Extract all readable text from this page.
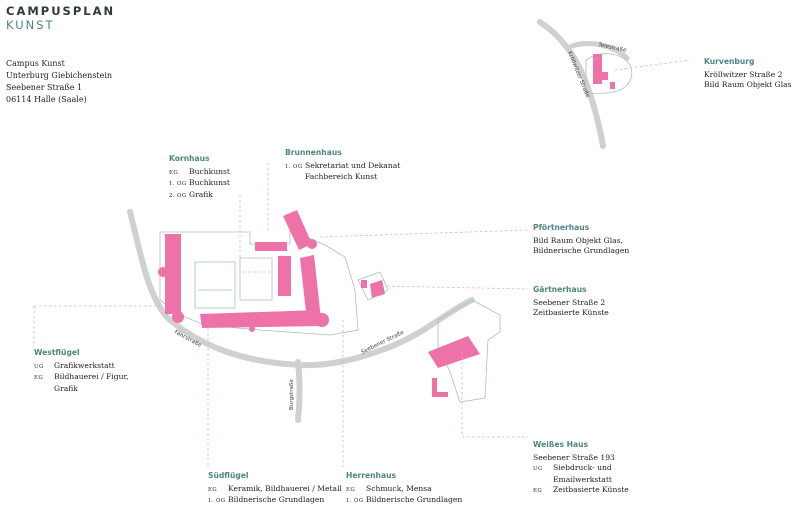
Telestraße
Kröllwitzer Straße
Seebener Straße
Fährstraße
Burgstraße
CAMPUSPLAN
KUNST
Campus Kunst
Unterburg Giebichenstein
Seebener Straße 1
06114 Halle (Saale)
Kurvenburg
Kröllwitzer Straße 2
Bild Raum Objekt Glas
Kornhaus
EG	Buchkunst
1. OG Buchkunst
2. OG Grafik
Brunnenhaus
1. OG Sekretariat und Dekanat
Fachbereich Kunst
Pförtnerhaus
Bild Raum Objekt Glas,
Bildnerische Grundlagen
Gärtnerhaus
Seebener Straße 2
Zeitbasierte Künste
Westflügel
UG	Grafikwerkstatt
EG	Bildhauerei / Figur,
Grafik
Südflügel
EG	Keramik, Bildhauerei / Metall
1. OG Bildnerische Grundlagen
Herrenhaus
EG	Schmuck, Mensa
1. OG Bildnerische Grundlagen
Weißes Haus
Seebener Straße 193
UG	Siebdruck- und
Emailwerkstatt
EG	Zeitbasierte Künste
